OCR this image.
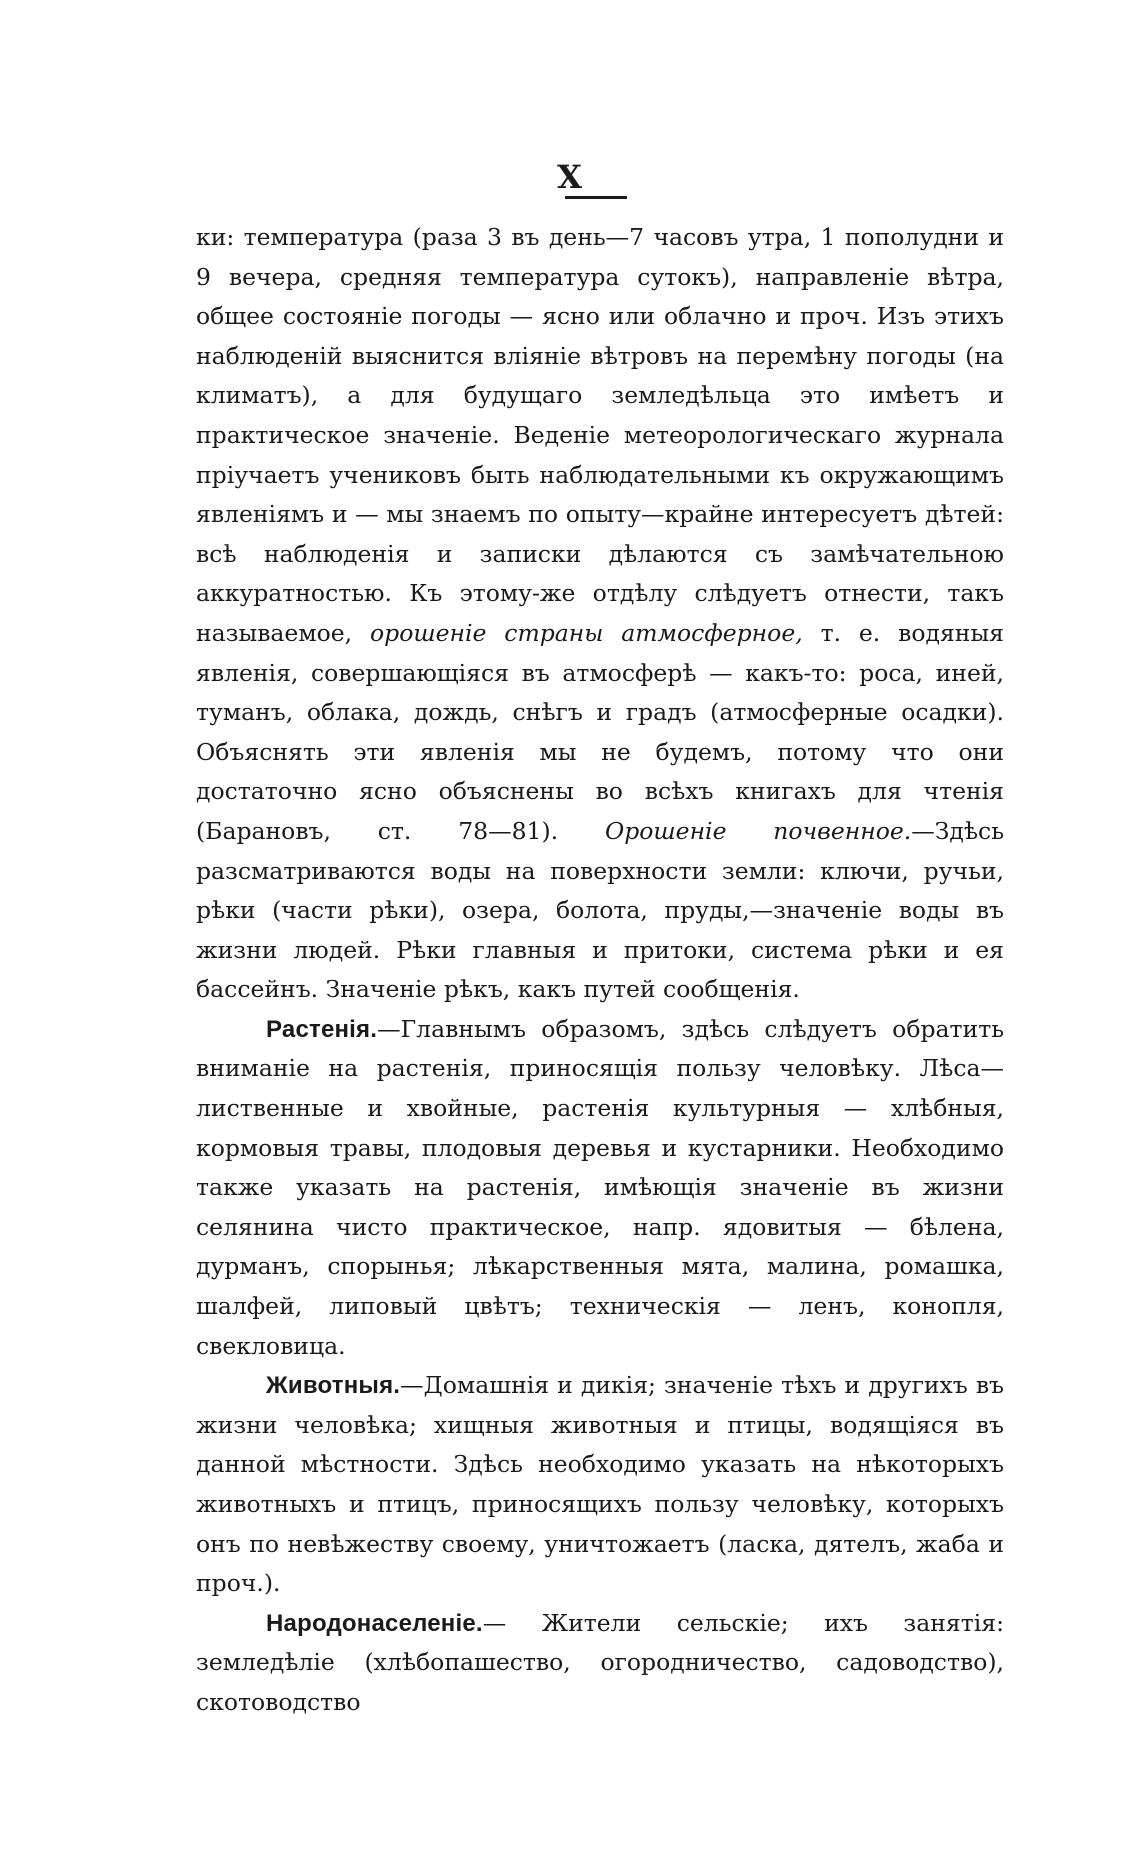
X

ки: температура (раза 3 въ день—7 часовъ утра, 1 пополудни и 9 вечера, средняя температура сутокъ), направленіе вѣтра, общее состояніе погоды — ясно или облачно и проч. Изъ этихъ наблюденій выяснится вліяніе вѣтровъ на перемѣну погоды (на климатъ), а для будущаго земледѣльца это имѣетъ и практическое значеніе. Веденіе метеорологическаго журнала пріучаетъ учениковъ быть наблюдательными къ окружающимъ явленіямъ и — мы знаемъ по опыту—крайне интересуетъ дѣтей: всѣ наблюденія и записки дѣлаются съ замѣчательною аккуратностью. Къ этому-же отдѣлу слѣдуетъ отнести, такъ называемое, орошеніе страны атмосферное, т. е. водяныя явленія, совершающіяся въ атмосферѣ — какъ-то: роса, иней, туманъ, облака, дождь, снѣгъ и градъ (атмосферные осадки). Объяснять эти явленія мы не будемъ, потому что они достаточно ясно объяснены во всѣхъ книгахъ для чтенія (Барановъ, ст. 78—81). Орошеніе почвенное.—Здѣсь разсматриваются воды на поверхности земли: ключи, ручьи, рѣки (части рѣки), озера, болота, пруды,—значеніе воды въ жизни людей. Рѣки главныя и притоки, система рѣки и ея бассейнъ. Значеніе рѣкъ, какъ путей сообщенія.

Растенія.—Главнымъ образомъ, здѣсь слѣдуетъ обратить вниманіе на растенія, приносящія пользу человѣку. Лѣса—лиственные и хвойные, растенія культурныя — хлѣбныя, кормовыя травы, плодовыя деревья и кустарники. Необходимо также указать на растенія, имѣющія значеніе въ жизни селянина чисто практическое, напр. ядовитыя — бѣлена, дурманъ, спорынья; лѣкарственныя мята, малина, ромашка, шалфей, липовый цвѣтъ; техническія — ленъ, конопля, свекловица.

Животныя.—Домашнія и дикія; значеніе тѣхъ и другихъ въ жизни человѣка; хищныя животныя и птицы, водящіяся въ данной мѣстности. Здѣсь необходимо указать на нѣкоторыхъ животныхъ и птицъ, приносящихъ пользу человѣку, которыхъ онъ по невѣжеству своему, уничтожаетъ (ласка, дятелъ, жаба и проч.).

Народонаселеніе.— Жители сельскіе; ихъ занятія: земледѣліе (хлѣбопашество, огородничество, садоводство), скотоводство
